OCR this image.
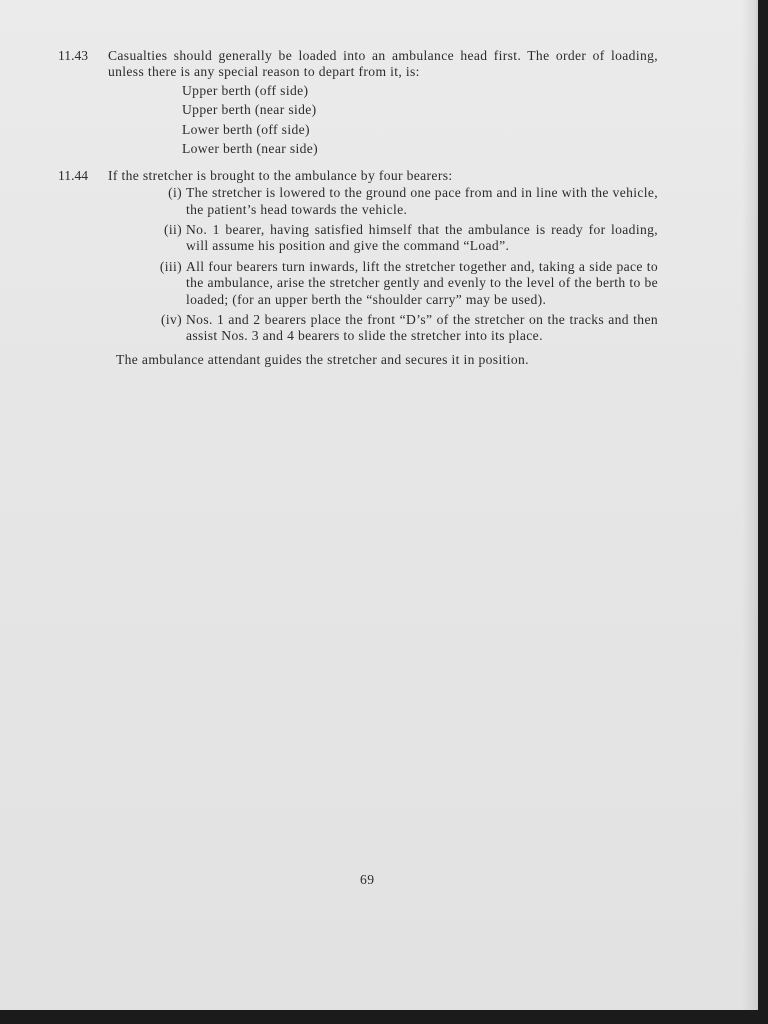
11.43 Casualties should generally be loaded into an ambulance head first. The order of loading, unless there is any special reason to depart from it, is:

Upper berth (off side)
Upper berth (near side)
Lower berth (off side)
Lower berth (near side)
11.44 If the stretcher is brought to the ambulance by four bearers:

(i) The stretcher is lowered to the ground one pace from and in line with the vehicle, the patient’s head towards the vehicle.
(ii) No. 1 bearer, having satisfied himself that the ambulance is ready for loading, will assume his position and give the command “Load”.
(iii) All four bearers turn inwards, lift the stretcher together and, taking a side pace to the ambulance, arise the stretcher gently and evenly to the level of the berth to be loaded; (for an upper berth the “shoulder carry” may be used).
(iv) Nos. 1 and 2 bearers place the front “D’s” of the stretcher on the tracks and then assist Nos. 3 and 4 bearers to slide the stretcher into its place.

The ambulance attendant guides the stretcher and secures it in position.

69
